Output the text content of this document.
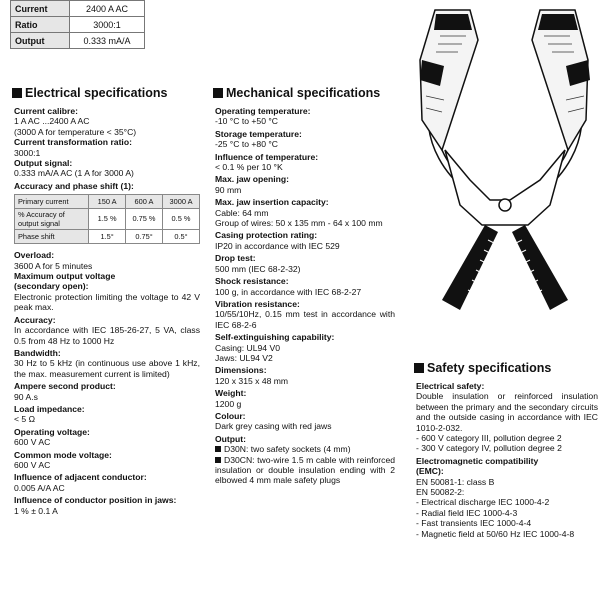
Current	2400 A AC
Ratio	3000:1
Output	0.333 mA/A
Electrical specifications
Current calibre:
1 A AC ...2400 A AC
(3000 A for temperature < 35°C)
Current transformation ratio:
3000:1
Output signal:
0.333 mA/A AC (1 A for 3000 A)
Accuracy and phase shift (1):
Primary current	150 A	600 A	3000 A
% Accuracy of output signal	1.5 %	0.75 %	0.5 %
Phase shift	1.5°	0.75°	0.5°
Overload:
3600 A for 5 minutes
Maximum output voltage
(secondary open):
Electronic protection limiting the voltage to 42 V peak max.
Accuracy:
In accordance with IEC 185-26-27, 5 VA, class 0.5 from 48 Hz to 1000 Hz
Bandwidth:
30 Hz to 5 kHz (in continuous use above 1 kHz, the max. measurement current is limited)
Ampere second product:
90 A.s
Load impedance:
< 5 Ω
Operating voltage:
600 V AC
Common mode voltage:
600 V AC
Influence of adjacent conductor:
0.005 A/A AC
Influence of conductor position in jaws:
1 % ± 0.1 A
Mechanical specifications
Operating temperature:
-10 °C to +50 °C
Storage temperature:
-25 °C to +80 °C
Influence of temperature:
< 0.1 % per 10 °K
Max. jaw opening:
90 mm
Max. jaw insertion capacity:
Cable: 64 mm
Group of wires: 50 x 135 mm - 64 x 100 mm
Casing protection rating:
IP20 in accordance with IEC 529
Drop test:
500 mm (IEC 68-2-32)
Shock resistance:
100 g, in accordance with IEC 68-2-27
Vibration resistance:
10/55/10Hz, 0.15 mm test in accordance with IEC 68-2-6
Self-extinguishing capability:
Casing: UL94 V0
Jaws: UL94 V2
Dimensions:
120 x 315 x 48 mm
Weight:
1200 g
Colour:
Dark grey casing with red jaws
Output:
D30N: two safety sockets (4 mm)
D30CN: two-wire 1.5 m cable with reinforced insulation or double insulation ending with 2 elbowed 4 mm male safety plugs
Safety specifications
Electrical safety:
Double insulation or reinforced insulation between the primary and the secondary circuits and the outside casing in accordance with IEC 1010-2-032.
- 600 V category III, pollution degree 2
- 300 V category IV, pollution degree 2
Electromagnetic compatibility
(EMC):
EN 50081-1: class B
EN 50082-2:
- Electrical discharge IEC 1000-4-2
- Radial field IEC 1000-4-3
- Fast transients IEC 1000-4-4
- Magnetic field at 50/60 Hz IEC 1000-4-8
